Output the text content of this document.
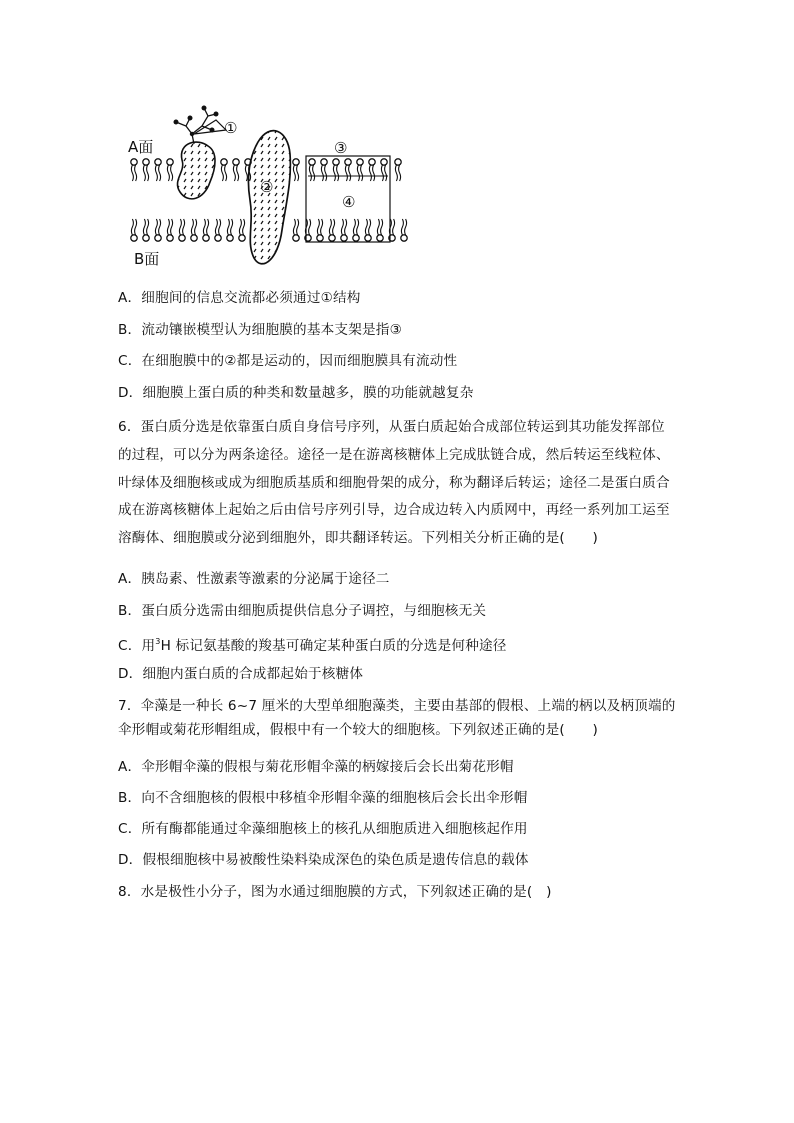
A面
B面
①
②
③
④
A．细胞间的信息交流都必须通过①结构
B．流动镶嵌模型认为细胞膜的基本支架是指③
C．在细胞膜中的②都是运动的，因而细胞膜具有流动性
D．细胞膜上蛋白质的种类和数量越多，膜的功能就越复杂
6．蛋白质分选是依靠蛋白质自身信号序列，从蛋白质起始合成部位转运到其功能发挥部位
的过程，可以分为两条途径。途径一是在游离核糖体上完成肽链合成，然后转运至线粒体、
叶绿体及细胞核或成为细胞质基质和细胞骨架的成分，称为翻译后转运；途径二是蛋白质合
成在游离核糖体上起始之后由信号序列引导，边合成边转入内质网中，再经一系列加工运至
溶酶体、细胞膜或分泌到细胞外，即共翻译转运。下列相关分析正确的是(　　)
A．胰岛素、性激素等激素的分泌属于途径二
B．蛋白质分选需由细胞质提供信息分子调控，与细胞核无关
C．用$^3$H 标记氨基酸的羧基可确定某种蛋白质的分选是何种途径
D．细胞内蛋白质的合成都起始于核糖体
7．伞藻是一种长 6~7 厘米的大型单细胞藻类，主要由基部的假根、上端的柄以及柄顶端的
伞形帽或菊花形帽组成，假根中有一个较大的细胞核。下列叙述正确的是(　　)
A．伞形帽伞藻的假根与菊花形帽伞藻的柄嫁接后会长出菊花形帽
B．向不含细胞核的假根中移植伞形帽伞藻的细胞核后会长出伞形帽
C．所有酶都能通过伞藻细胞核上的核孔从细胞质进入细胞核起作用
D．假根细胞核中易被酸性染料染成深色的染色质是遗传信息的载体
8．水是极性小分子，图为水通过细胞膜的方式，下列叙述正确的是(　)
